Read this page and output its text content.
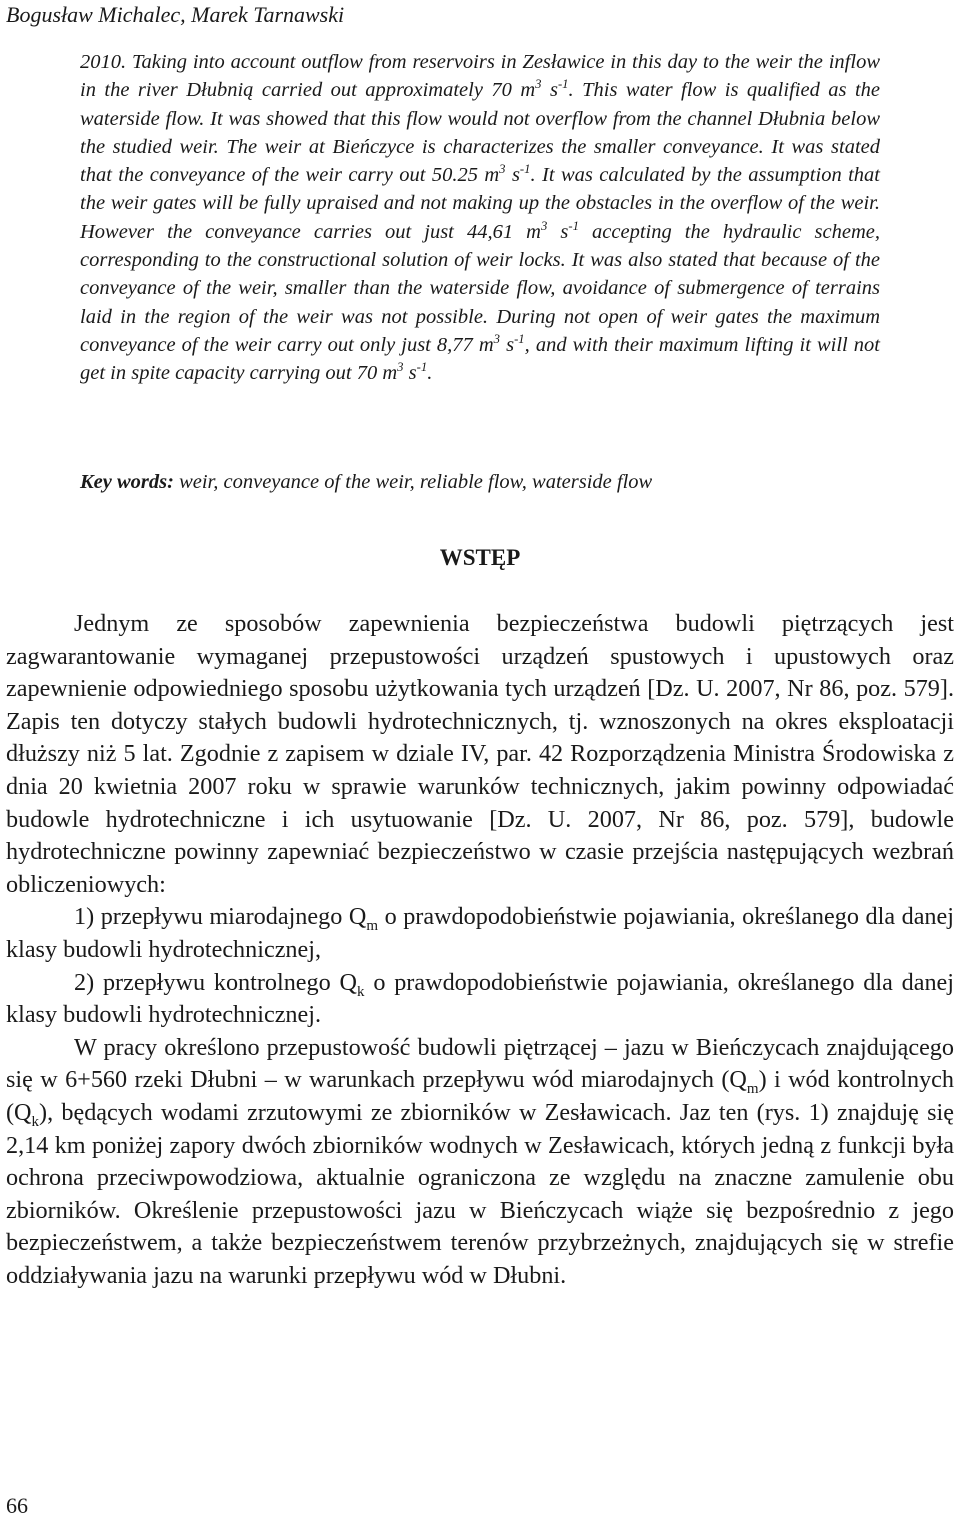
Bogusław Michalec, Marek Tarnawski

2010. Taking into account outflow from reservoirs in Zesławice in this day to the weir the inflow in the river Dłubnią carried out approximately 70 $m^3$ $s^{-1}$. This water flow is qualified as the waterside flow. It was showed that this flow would not overflow from the channel Dłubnia below the studied weir. The weir at Bieńczyce is characterizes the smaller conveyance. It was stated that the conveyance of the weir carry out 50.25 $m^3$ $s^{-1}$. It was calculated by the assumption that the weir gates will be fully upraised and not making up the obstacles in the overflow of the weir. However the conveyance carries out just 44,61 $m^3$ $s^{-1}$ accepting the hydraulic scheme, corresponding to the constructional solution of weir locks. It was also stated that because of the conveyance of the weir, smaller than the waterside flow, avoidance of submergence of terrains laid in the region of the weir was not possible. During not open of weir gates the maximum conveyance of the weir carry out only just 8,77 $m^3$ $s^{-1}$, and with their maximum lifting it will not get in spite capacity carrying out 70 $m^3$ $s^{-1}$.

Key words: weir, conveyance of the weir, reliable flow, waterside flow

WSTĘP

Jednym ze sposobów zapewnienia bezpieczeństwa budowli piętrzących jest zagwarantowanie wymaganej przepustowości urządzeń spustowych i upustowych oraz zapewnienie odpowiedniego sposobu użytkowania tych urządzeń [Dz. U. 2007, Nr 86, poz. 579]. Zapis ten dotyczy stałych budowli hydrotechnicznych, tj. wznoszonych na okres eksploatacji dłuższy niż 5 lat. Zgodnie z zapisem w dziale IV, par. 42 Rozporządzenia Ministra Środowiska z dnia 20 kwietnia 2007 roku w sprawie warunków technicznych, jakim powinny odpowiadać budowle hydrotechniczne i ich usytuowanie [Dz. U. 2007, Nr 86, poz. 579], budowle hydrotechniczne powinny zapewniać bezpieczeństwo w czasie przejścia następujących wezbrań obliczeniowych:

1) przepływu miarodajnego $Q_m$ o prawdopodobieństwie pojawiania, określanego dla danej klasy budowli hydrotechnicznej,

2) przepływu kontrolnego $Q_k$ o prawdopodobieństwie pojawiania, określanego dla danej klasy budowli hydrotechnicznej.

W pracy określono przepustowość budowli piętrzącej – jazu w Bieńczycach znajdującego się w 6+560 rzeki Dłubni – w warunkach przepływu wód miarodajnych $(Q_m)$ i wód kontrolnych $(Q_k)$, będących wodami zrzutowymi ze zbiorników w Zesławicach. Jaz ten (rys. 1) znajduję się 2,14 km poniżej zapory dwóch zbiorników wodnych w Zesławicach, których jedną z funkcji była ochrona przeciwpowodziowa, aktualnie ograniczona ze względu na znaczne zamulenie obu zbiorników. Określenie przepustowości jazu w Bieńczycach wiąże się bezpośrednio z jego bezpieczeństwem, a także bezpieczeństwem terenów przybrzeżnych, znajdujących się w strefie oddziaływania jazu na warunki przepływu wód w Dłubni.

66
